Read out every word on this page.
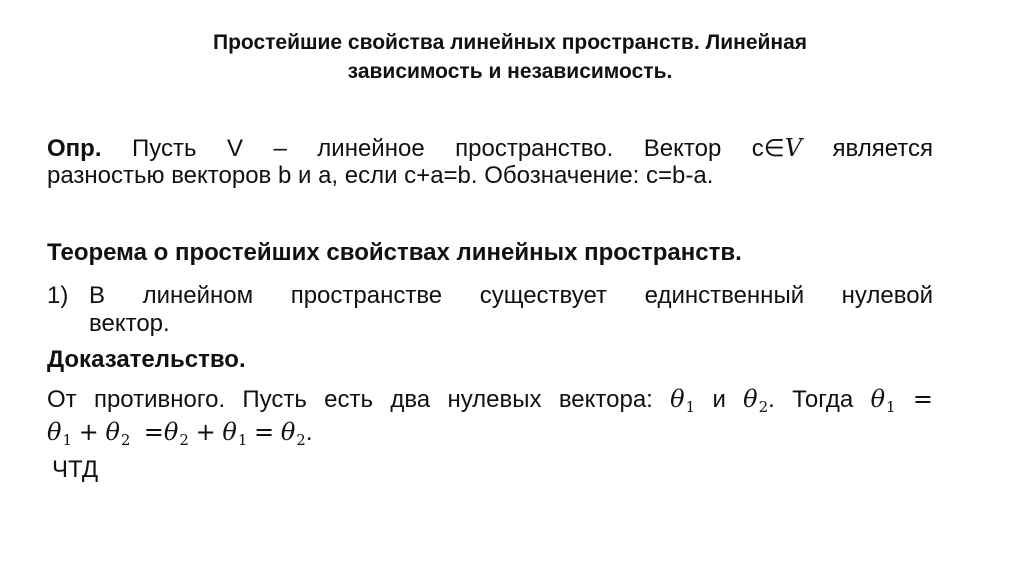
Простейшие свойства линейных пространств. Линейная
зависимость и независимость.
Опр. Пусть V – линейное пространство. Вектор с∈V является
разностью векторов b и а, если с+а=b. Обозначение: с=b-a.
Теорема о простейших свойствах линейных пространств.
1) В линейном пространстве существует единственный нулевой
вектор.
Доказательство.
От противного. Пусть есть два нулевых вектора: $\theta_1$ и $\theta_2$. Тогда $\theta_1$ =
$\theta_1 + \theta_2 =\theta_2 + \theta_1 = \theta_2$.
ЧТД
